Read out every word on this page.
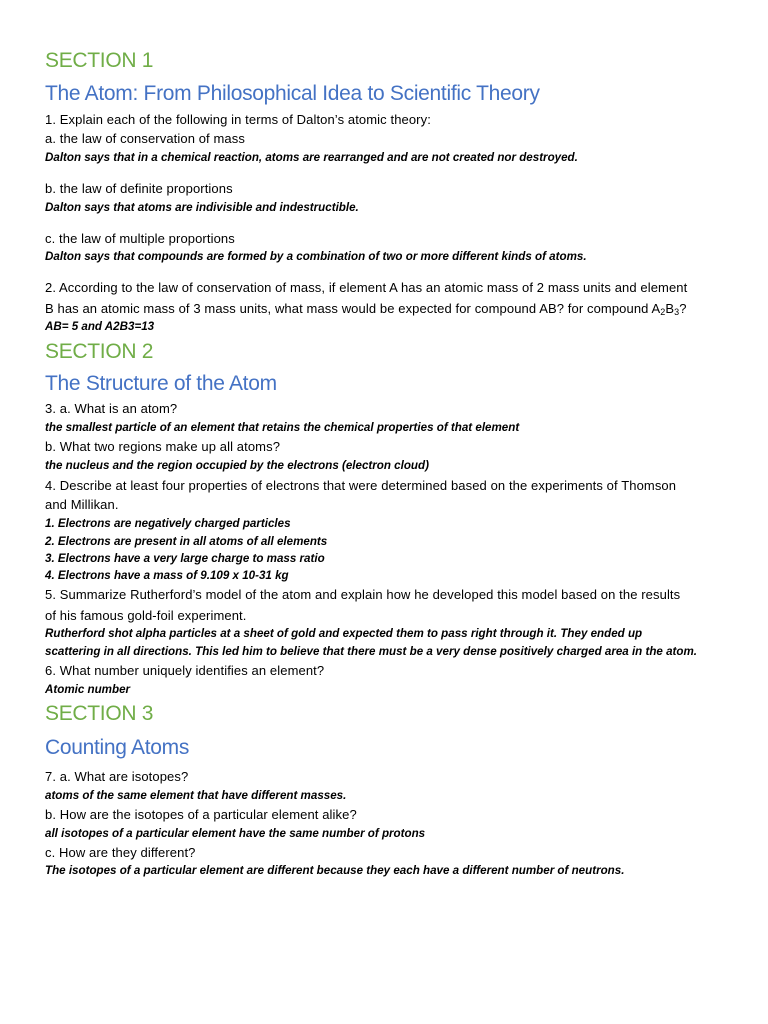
SECTION 1
The Atom: From Philosophical Idea to Scientific Theory
1. Explain each of the following in terms of Dalton’s atomic theory:
a. the law of conservation of mass
Dalton says that in a chemical reaction, atoms are rearranged and are not created nor destroyed.
b. the law of definite proportions
Dalton says that atoms are indivisible and indestructible.
c. the law of multiple proportions
Dalton says that compounds are formed by a combination of two or more different kinds of atoms.
2. According to the law of conservation of mass, if element A has an atomic mass of 2 mass units and element
B has an atomic mass of 3 mass units, what mass would be expected for compound AB? for compound $A_2B_3$?
AB= 5 and A2B3=13
SECTION 2
The Structure of the Atom
3. a. What is an atom?
the smallest particle of an element that retains the chemical properties of that element
b. What two regions make up all atoms?
the nucleus and the region occupied by the electrons (electron cloud)
4. Describe at least four properties of electrons that were determined based on the experiments of Thomson
and Millikan.
1. Electrons are negatively charged particles
2. Electrons are present in all atoms of all elements
3. Electrons have a very large charge to mass ratio
4. Electrons have a mass of 9.109 x 10-31 kg
5. Summarize Rutherford’s model of the atom and explain how he developed this model based on the results
of his famous gold-foil experiment.
Rutherford shot alpha particles at a sheet of gold and expected them to pass right through it. They ended up
scattering in all directions. This led him to believe that there must be a very dense positively charged area in the atom.
6. What number uniquely identifies an element?
Atomic number
SECTION 3
Counting Atoms
7. a. What are isotopes?
atoms of the same element that have different masses.
b. How are the isotopes of a particular element alike?
all isotopes of a particular element have the same number of protons
c. How are they different?
The isotopes of a particular element are different because they each have a different number of neutrons.
